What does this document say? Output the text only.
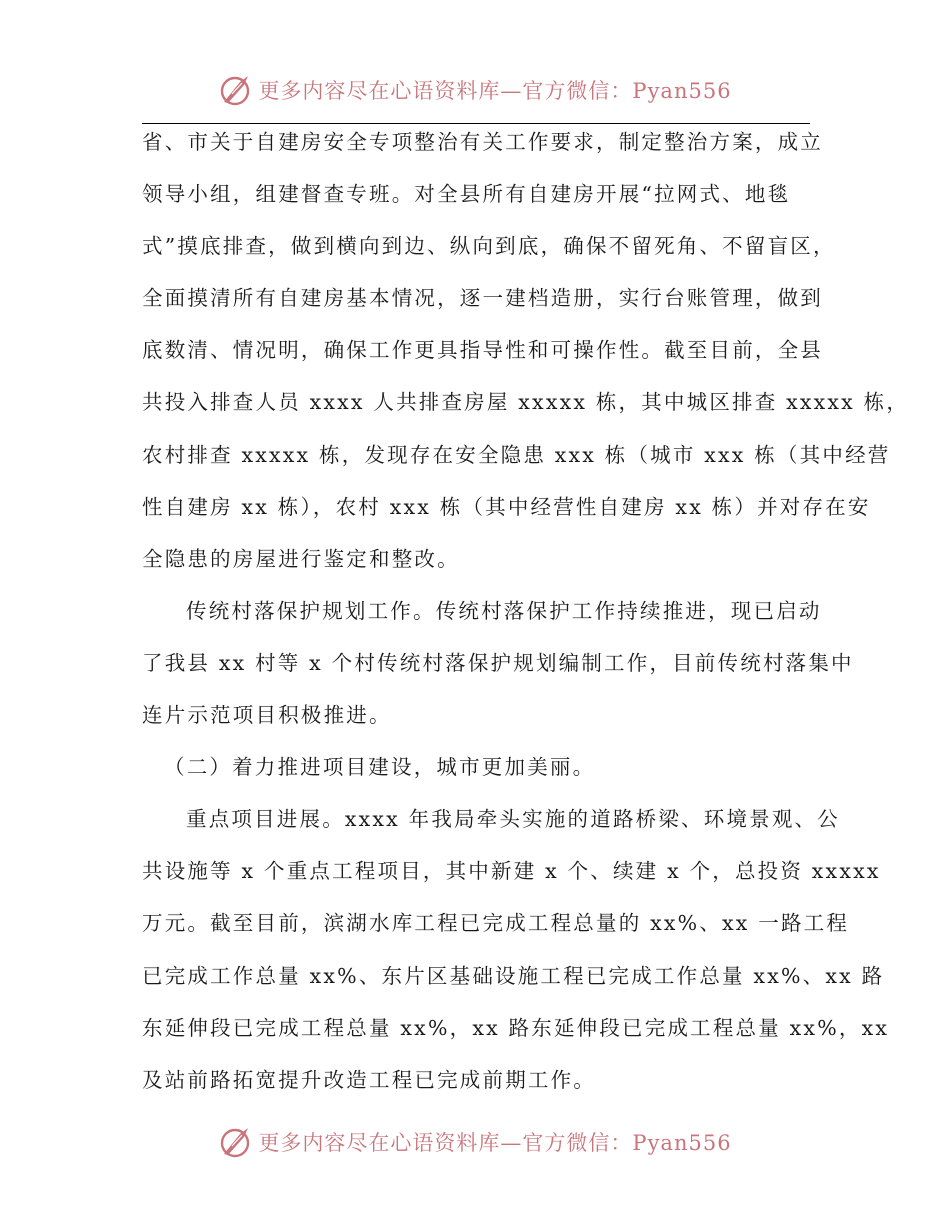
更多内容尽在心语资料库—官方微信：Pyan556
省、市关于自建房安全专项整治有关工作要求，制定整治方案，成立
领导小组，组建督查专班。对全县所有自建房开展“拉网式、地毯
式”摸底排查，做到横向到边、纵向到底，确保不留死角、不留盲区，
全面摸清所有自建房基本情况，逐一建档造册，实行台账管理，做到
底数清、情况明，确保工作更具指导性和可操作性。截至目前，全县
共投入排查人员 xxxx 人共排查房屋 xxxxx 栋，其中城区排查 xxxxx 栋，
农村排查 xxxxx 栋，发现存在安全隐患 xxx 栋（城市 xxx 栋（其中经营
性自建房 xx 栋），农村 xxx 栋（其中经营性自建房 xx 栋）并对存在安
全隐患的房屋进行鉴定和整改。
传统村落保护规划工作。传统村落保护工作持续推进，现已启动
了我县 xx 村等 x 个村传统村落保护规划编制工作，目前传统村落集中
连片示范项目积极推进。
（二）着力推进项目建设，城市更加美丽。
重点项目进展。xxxx 年我局牵头实施的道路桥梁、环境景观、公
共设施等 x 个重点工程项目，其中新建 x 个、续建 x 个，总投资 xxxxx
万元。截至目前，滨湖水库工程已完成工程总量的 xx%、xx 一路工程
已完成工作总量 xx%、东片区基础设施工程已完成工作总量 xx%、xx 路
东延伸段已完成工程总量 xx%，xx 路东延伸段已完成工程总量 xx%，xx
及站前路拓宽提升改造工程已完成前期工作。
更多内容尽在心语资料库—官方微信：Pyan556
